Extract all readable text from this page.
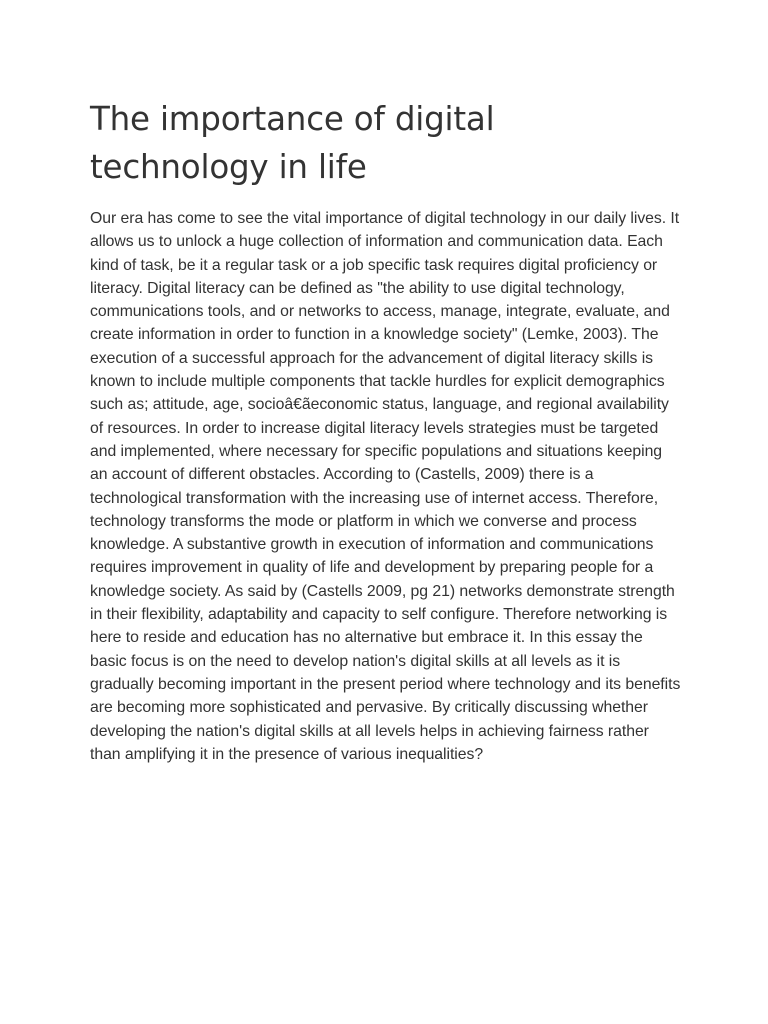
The importance of digital technology in life

Our era has come to see the vital importance of digital technology in our daily lives. It allows us to unlock a huge collection of information and communication data. Each kind of task, be it a regular task or a job specific task requires digital proficiency or literacy. Digital literacy can be defined as "the ability to use digital technology, communications tools, and or networks to access, manage, integrate, evaluate, and create information in order to function in a knowledge society" (Lemke, 2003). The execution of a successful approach for the advancement of digital literacy skills is known to include multiple components that tackle hurdles for explicit demographics such as; attitude, age, socioâ€ãeconomic status, language, and regional availability of resources. In order to increase digital literacy levels strategies must be targeted and implemented, where necessary for specific populations and situations keeping an account of different obstacles. According to (Castells, 2009) there is a technological transformation with the increasing use of internet access. Therefore, technology transforms the mode or platform in which we converse and process knowledge. A substantive growth in execution of information and communications requires improvement in quality of life and development by preparing people for a knowledge society. As said by (Castells 2009, pg 21) networks demonstrate strength in their flexibility, adaptability and capacity to self configure. Therefore networking is here to reside and education has no alternative but embrace it. In this essay the basic focus is on the need to develop nation's digital skills at all levels as it is gradually becoming important in the present period where technology and its benefits are becoming more sophisticated and pervasive. By critically discussing whether developing the nation's digital skills at all levels helps in achieving fairness rather than amplifying it in the presence of various inequalities?
